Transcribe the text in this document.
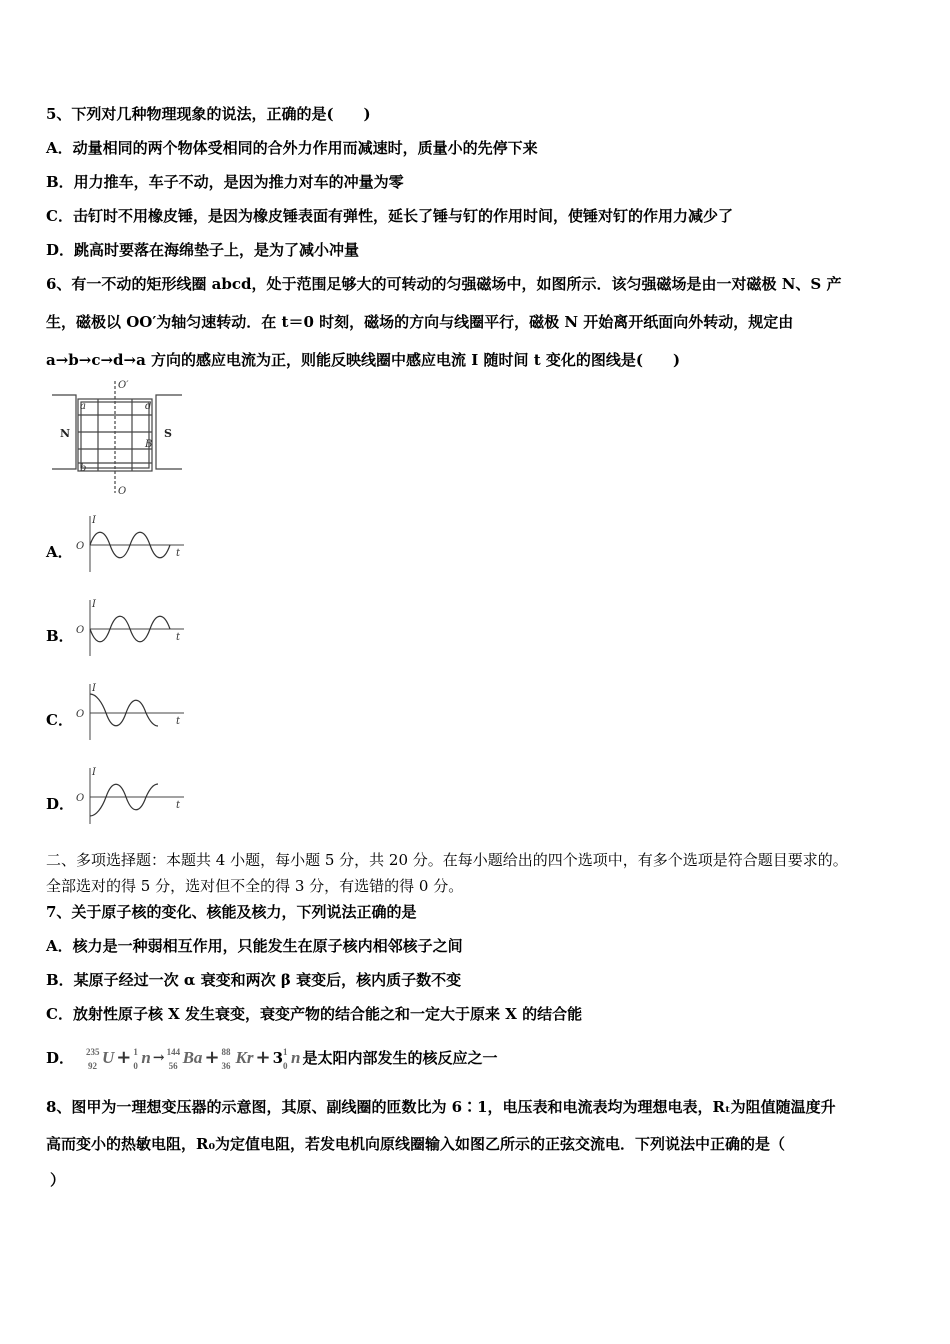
5、下列对几种物理现象的说法，正确的是(　　)
A．动量相同的两个物体受相同的合外力作用而减速时，质量小的先停下来
B．用力推车，车子不动，是因为推力对车的冲量为零
C．击钉时不用橡皮锤，是因为橡皮锤表面有弹性，延长了锤与钉的作用时间，使锤对钉的作用力减少了
D．跳高时要落在海绵垫子上，是为了减小冲量
6、有一不动的矩形线圈 abcd，处于范围足够大的可转动的匀强磁场中，如图所示．该匀强磁场是由一对磁极 N、S 产
生，磁极以 OO′为轴匀速转动．在 t＝0 时刻，磁场的方向与线圈平行，磁极 N 开始离开纸面向外转动，规定由
a→b→c→d→a 方向的感应电流为正，则能反映线圈中感应电流 I 随时间 t 变化的图线是(　　)
O′
O
a
b
d
B
N	S
A．
I
O
t
B．
I
O
t
C．
I
O
t
D．
I
O
t
二、多项选择题：本题共 4 小题，每小题 5 分，共 20 分。在每小题给出的四个选项中，有多个选项是符合题目要求的。
全部选对的得 5 分，选对但不全的得 3 分，有选错的得 0 分。
7、关于原子核的变化、核能及核力，下列说法正确的是
A．核力是一种弱相互作用，只能发生在原子核内相邻核子之间
B．某原子经过一次 α 衰变和两次 β 衰变后，核内质子数不变
C．放射性原子核 X 发生衰变，衰变产物的结合能之和一定大于原来 X 的结合能
D． 235
92 U + 1
0 n → 144
56 Ba + 88
36 Kr + 3 1
0 n 是太阳内部发生的核反应之一
8、图甲为一理想变压器的示意图，其原、副线圈的匝数比为 6∶1，电压表和电流表均为理想电表，Rₜ为阻值随温度升
高而变小的热敏电阻，R₀为定值电阻，若发电机向原线圈输入如图乙所示的正弦交流电．下列说法中正确的是（
）
